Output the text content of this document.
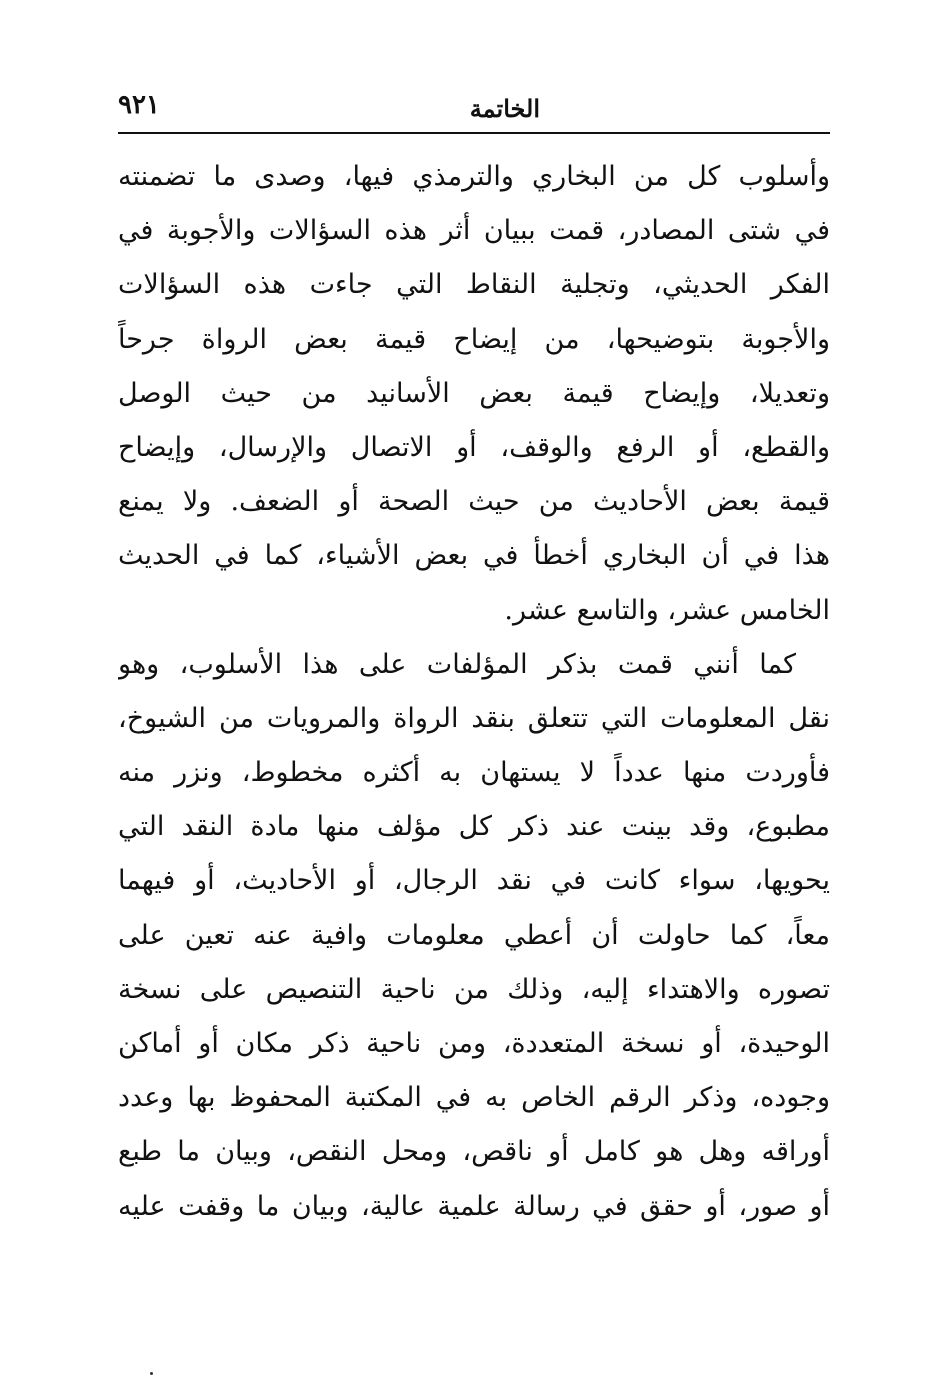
الخاتمة
٩٢١
وأسلوب كل من البخاري والترمذي فيها، وصدى ما تضمنته
في شتى المصادر، قمت ببيان أثر هذه السؤالات والأجوبة في
الفكر الحديثي، وتجلية النقاط التي جاءت هذه السؤالات
والأجوبة بتوضيحها، من إيضاح قيمة بعض الرواة جرحاً
وتعديلا، وإيضاح قيمة بعض الأسانيد من حيث الوصل
والقطع، أو الرفع والوقف، أو الاتصال والإرسال، وإيضاح
قيمة بعض الأحاديث من حيث الصحة أو الضعف. ولا يمنع
هذا في أن البخاري أخطأ في بعض الأشياء، كما في الحديث
الخامس عشر، والتاسع عشر.
كما أنني قمت بذكر المؤلفات على هذا الأسلوب، وهو
نقل المعلومات التي تتعلق بنقد الرواة والمرويات من الشيوخ،
فأوردت منها عدداً لا يستهان به أكثره مخطوط، ونزر منه
مطبوع، وقد بينت عند ذكر كل مؤلف منها مادة النقد التي
يحويها، سواء كانت في نقد الرجال، أو الأحاديث، أو فيهما
معاً، كما حاولت أن أعطي معلومات وافية عنه تعين على
تصوره والاهتداء إليه، وذلك من ناحية التنصيص على نسخة
الوحيدة، أو نسخة المتعددة، ومن ناحية ذكر مكان أو أماكن
وجوده، وذكر الرقم الخاص به في المكتبة المحفوظ بها وعدد
أوراقه وهل هو كامل أو ناقص، ومحل النقص، وبيان ما طبع
أو صور، أو حقق في رسالة علمية عالية، وبيان ما وقفت عليه
